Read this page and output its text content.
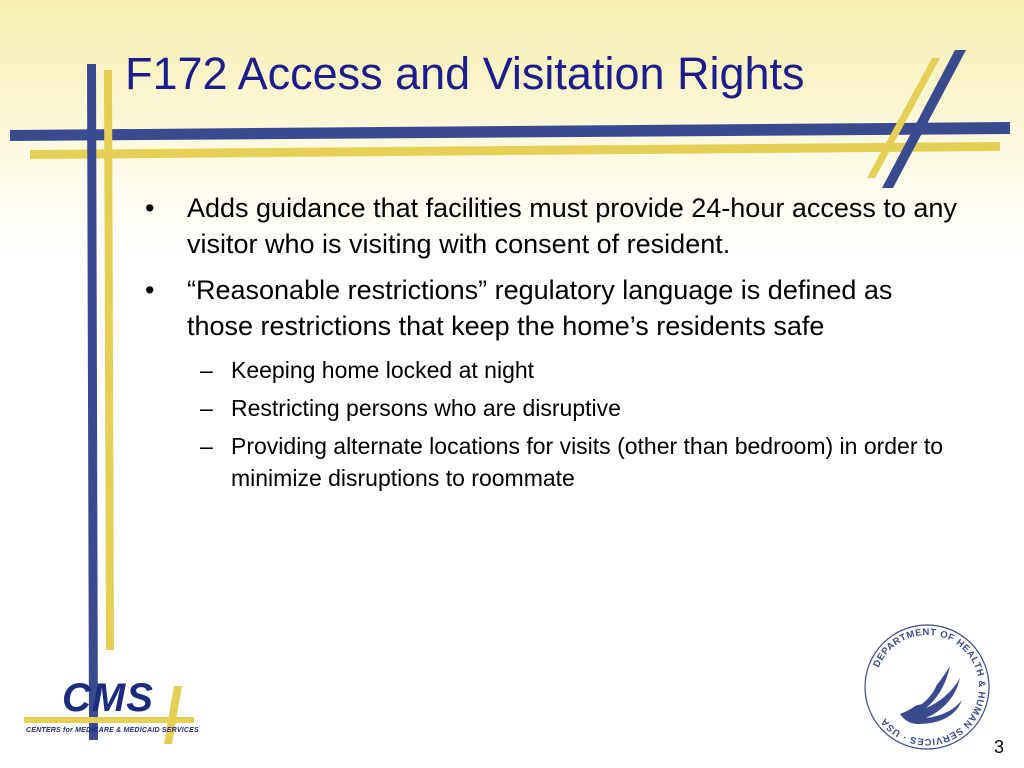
F172 Access and Visitation Rights
• Adds guidance that facilities must provide 24-hour access to any visitor who is visiting with consent of resident.
• “Reasonable restrictions” regulatory language is defined as those restrictions that keep the home’s residents safe
– Keeping home locked at night
– Restricting persons who are disruptive
– Providing alternate locations for visits (other than bedroom) in order to minimize disruptions to roommate
CMS
CENTERS for MEDICARE & MEDICAID SERVICES
DEPARTMENT OF HEALTH & HUMAN SERVICES · USA
3
